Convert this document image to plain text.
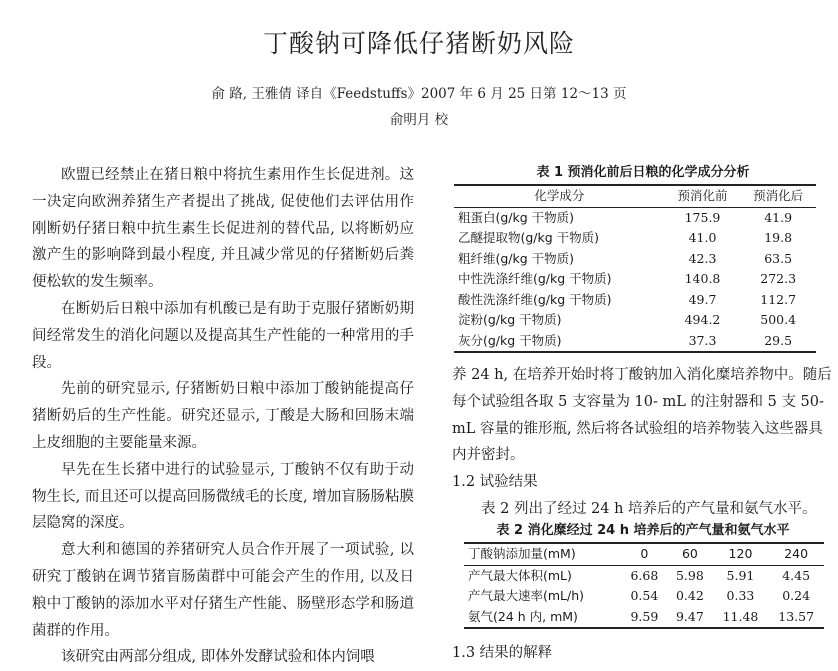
丁酸钠可降低仔猪断奶风险
俞 路, 王雅倩 译自《Feedstuffs》2007 年 6 月 25 日第 12～13 页
俞明月 校

欧盟已经禁止在猪日粮中将抗生素用作生长促进剂。这一决定向欧洲养猪生产者提出了挑战, 促使他们去评估用作刚断奶仔猪日粮中抗生素生长促进剂的替代品, 以将断奶应激产生的影响降到最小程度, 并且减少常见的仔猪断奶后粪便松软的发生频率。

在断奶后日粮中添加有机酸已是有助于克服仔猪断奶期间经常发生的消化问题以及提高其生产性能的一种常用的手段。

先前的研究显示, 仔猪断奶日粮中添加丁酸钠能提高仔猪断奶后的生产性能。研究还显示, 丁酸是大肠和回肠末端上皮细胞的主要能量来源。

早先在生长猪中进行的试验显示, 丁酸钠不仅有助于动物生长, 而且还可以提高回肠微绒毛的长度, 增加盲肠肠粘膜层隐窝的深度。

意大利和德国的养猪研究人员合作开展了一项试验, 以研究丁酸钠在调节猪盲肠菌群中可能会产生的作用, 以及日粮中丁酸钠的添加水平对仔猪生产性能、肠壁形态学和肠道菌群的作用。

该研究由两部分组成, 即体外发酵试验和体内饲喂

表 1 预消化前后日粮的化学成分分析
化学成分	预消化前	预消化后
粗蛋白(g/kg 干物质)	175.9	41.9
乙醚提取物(g/kg 干物质)	41.0	19.8
粗纤维(g/kg 干物质)	42.3	63.5
中性洗涤纤维(g/kg 干物质)	140.8	272.3
酸性洗涤纤维(g/kg 干物质)	49.7	112.7
淀粉(g/kg 干物质)	494.2	500.4
灰分(g/kg 干物质)	37.3	29.5

养 24 h, 在培养开始时将丁酸钠加入消化糜培养物中。随后每个试验组各取 5 支容量为 10- mL 的注射器和 5 支 50- mL 容量的锥形瓶, 然后将各试验组的培养物装入这些器具内并密封。

1.2 试验结果

表 2 列出了经过 24 h 培养后的产气量和氨气水平。

表 2 消化糜经过 24 h 培养后的产气量和氨气水平
丁酸钠添加量(mM)	0	60	120	240
产气最大体积(mL)	6.68	5.98	5.91	4.45
产气最大速率(mL/h)	0.54	0.42	0.33	0.24
氨气(24 h 内, mM)	9.59	9.47	11.48	13.57

1.3 结果的解释
